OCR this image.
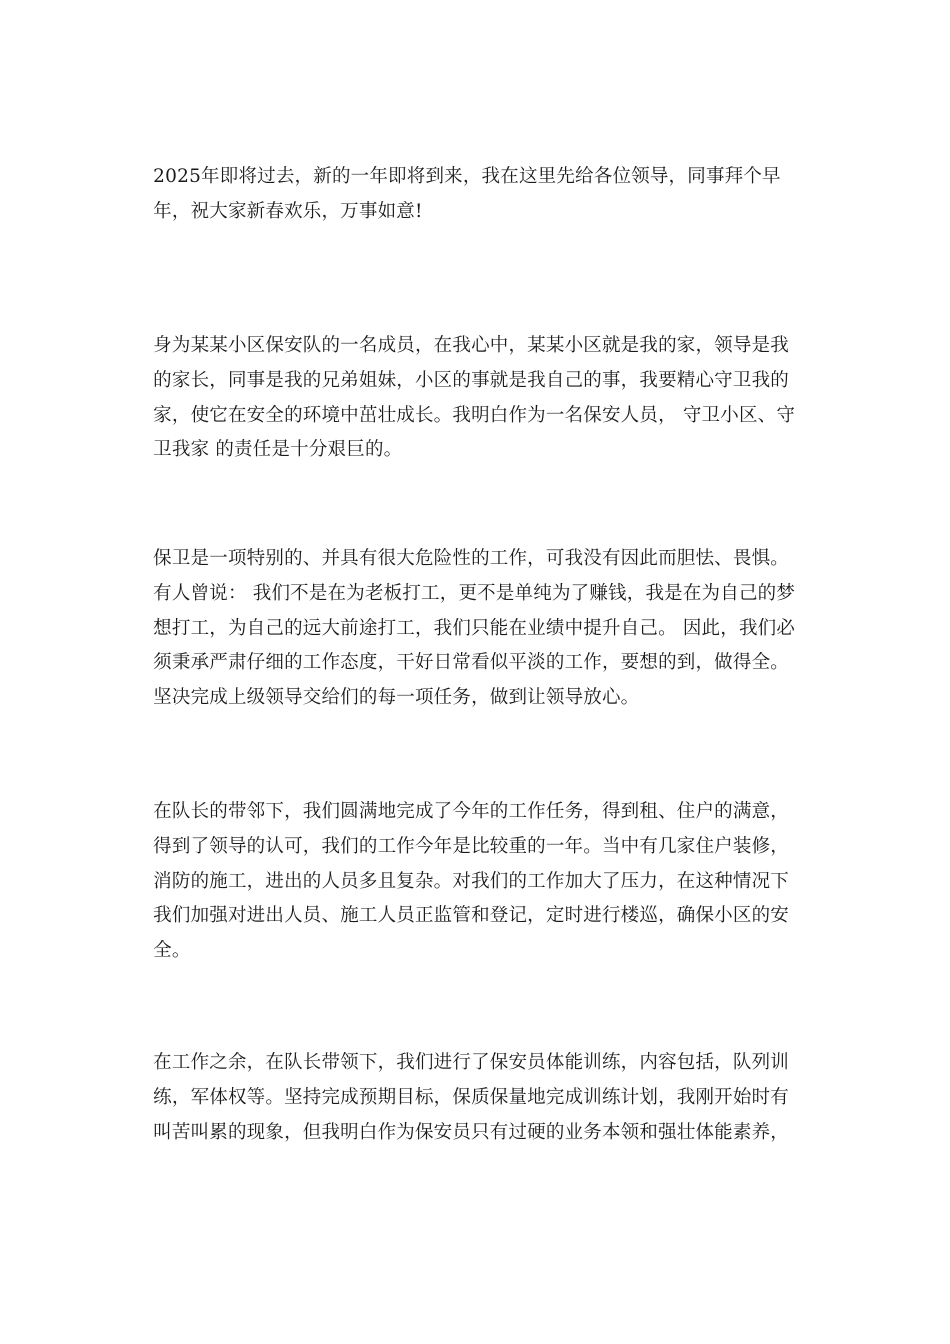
2025年即将过去，新的一年即将到来，我在这里先给各位领导，同事拜个早
年，祝大家新春欢乐，万事如意!
身为某某小区保安队的一名成员，在我心中，某某小区就是我的家，领导是我
的家长，同事是我的兄弟姐妹，小区的事就是我自己的事，我要精心守卫我的
家，使它在安全的环境中茁壮成长。我明白作为一名保安人员， 守卫小区、守
卫我家 的责任是十分艰巨的。
保卫是一项特别的、并具有很大危险性的工作，可我没有因此而胆怯、畏惧。
有人曾说： 我们不是在为老板打工，更不是单纯为了赚钱，我是在为自己的梦
想打工，为自己的远大前途打工，我们只能在业绩中提升自己。 因此，我们必
须秉承严肃仔细的工作态度，干好日常看似平淡的工作，要想的到，做得全。
坚决完成上级领导交给们的每一项任务，做到让领导放心。
在队长的带邻下，我们圆满地完成了今年的工作任务，得到租、住户的满意，
得到了领导的认可，我们的工作今年是比较重的一年。当中有几家住户装修，
消防的施工，进出的人员多且复杂。对我们的工作加大了压力，在这种情况下
我们加强对进出人员、施工人员正监管和登记，定时进行楼巡，确保小区的安
全。
在工作之余，在队长带领下，我们进行了保安员体能训练，内容包括，队列训
练，军体权等。坚持完成预期目标，保质保量地完成训练计划，我刚开始时有
叫苦叫累的现象，但我明白作为保安员只有过硬的业务本领和强壮体能素养，
